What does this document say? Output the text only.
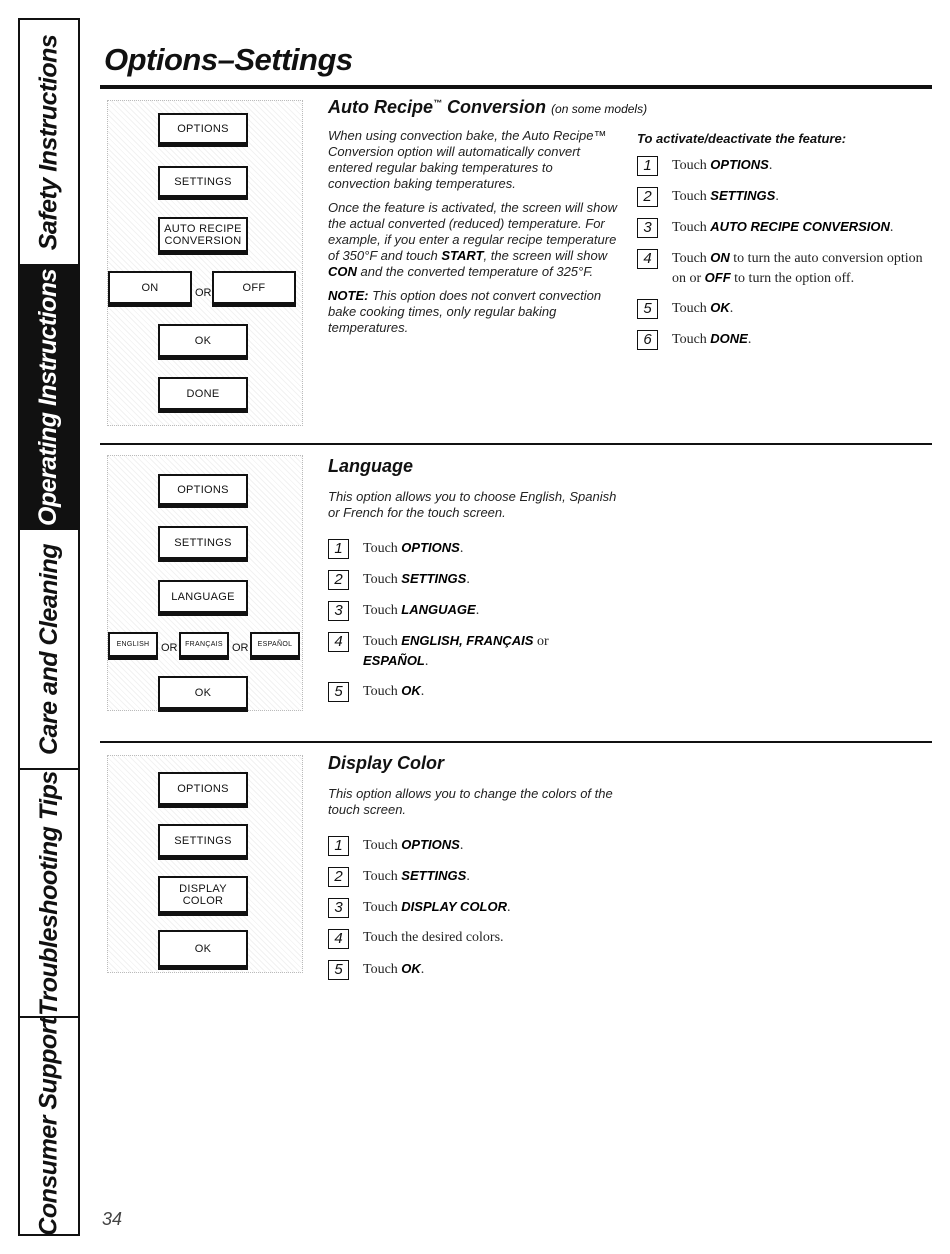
Safety Instructions
Operating Instructions
Care and Cleaning
Troubleshooting Tips
Consumer Support
Options–Settings
OPTIONS
SETTINGS
AUTO RECIPE
CONVERSION
ON	OR	OFF
OK
DONE
Auto Recipe™ Conversion (on some models)

When using convection bake, the Auto Recipe™ Conversion option will automatically convert entered regular baking temperatures to convection baking temperatures.

Once the feature is activated, the screen will show the actual converted (reduced) temperature. For example, if you enter a regular recipe temperature of 350°F and touch START, the screen will show CON and the converted temperature of 325°F.

NOTE: This option does not convert convection bake cooking times, only regular baking temperatures.

To activate/deactivate the feature:
1	Touch OPTIONS.
2	Touch SETTINGS.
3	Touch AUTO RECIPE CONVERSION.
4	Touch ON to turn the auto conversion option on or OFF to turn the option off.
5	Touch OK.
6	Touch DONE.
OPTIONS
SETTINGS
LANGUAGE
ENGLISH	OR	FRANÇAIS OR	ESPAÑOL
OK
Language
This option allows you to choose English, Spanish or French for the touch screen.
1	Touch OPTIONS.
2	Touch SETTINGS.
3	Touch LANGUAGE.
4	Touch ENGLISH, FRANÇAIS or ESPAÑOL.
5	Touch OK.
OPTIONS
SETTINGS
DISPLAY
COLOR
OK
Display Color
This option allows you to change the colors of the touch screen.
1	Touch OPTIONS.
2	Touch SETTINGS.
3	Touch DISPLAY COLOR.
4	Touch the desired colors.
5	Touch OK.
34
